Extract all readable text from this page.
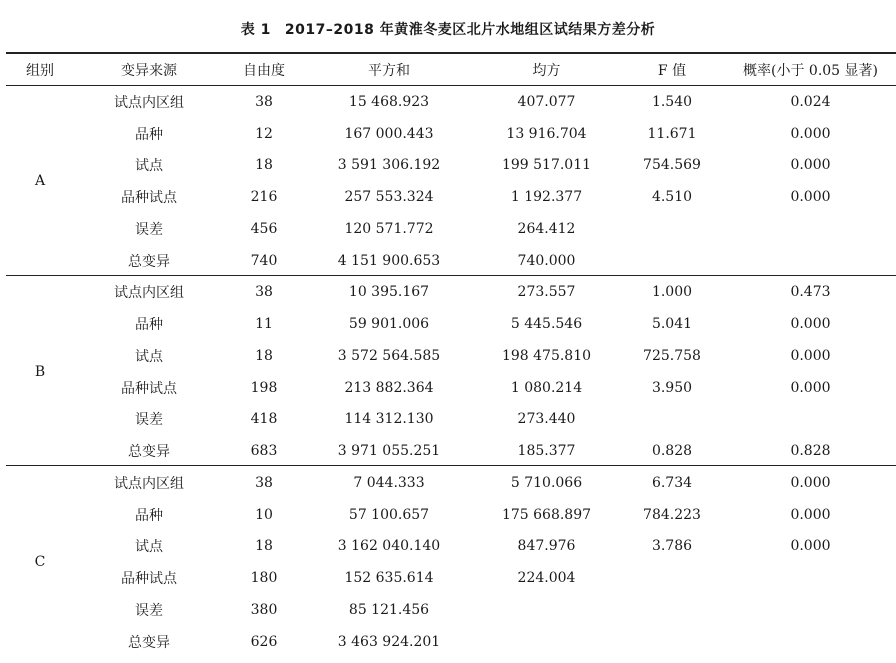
表 1 2017–2018 年黄淮冬麦区北片水地组区试结果方差分析
组别	变异来源	自由度	平方和	均方	F 值	概率(小于 0.05 显著)
A	试点内区组	38	15 468.923	407.077	1.540	0.024
	品种	12	167 000.443	13 916.704	11.671	0.000
	试点	18	3 591 306.192	199 517.011	754.569	0.000
	品种试点	216	257 553.324	1 192.377	4.510	0.000
	误差	456	120 571.772	264.412		
	总变异	740	4 151 900.653	740.000		
B	试点内区组	38	10 395.167	273.557	1.000	0.473
	品种	11	59 901.006	5 445.546	5.041	0.000
	试点	18	3 572 564.585	198 475.810	725.758	0.000
	品种试点	198	213 882.364	1 080.214	3.950	0.000
	误差	418	114 312.130	273.440		
	总变异	683	3 971 055.251	185.377	0.828	0.828
C	试点内区组	38	7 044.333	5 710.066	6.734	0.000
	品种	10	57 100.657	175 668.897	784.223	0.000
	试点	18	3 162 040.140	847.976	3.786	0.000
	品种试点	180	152 635.614	224.004		
	误差	380	85 121.456			
	总变异	626	3 463 924.201			
